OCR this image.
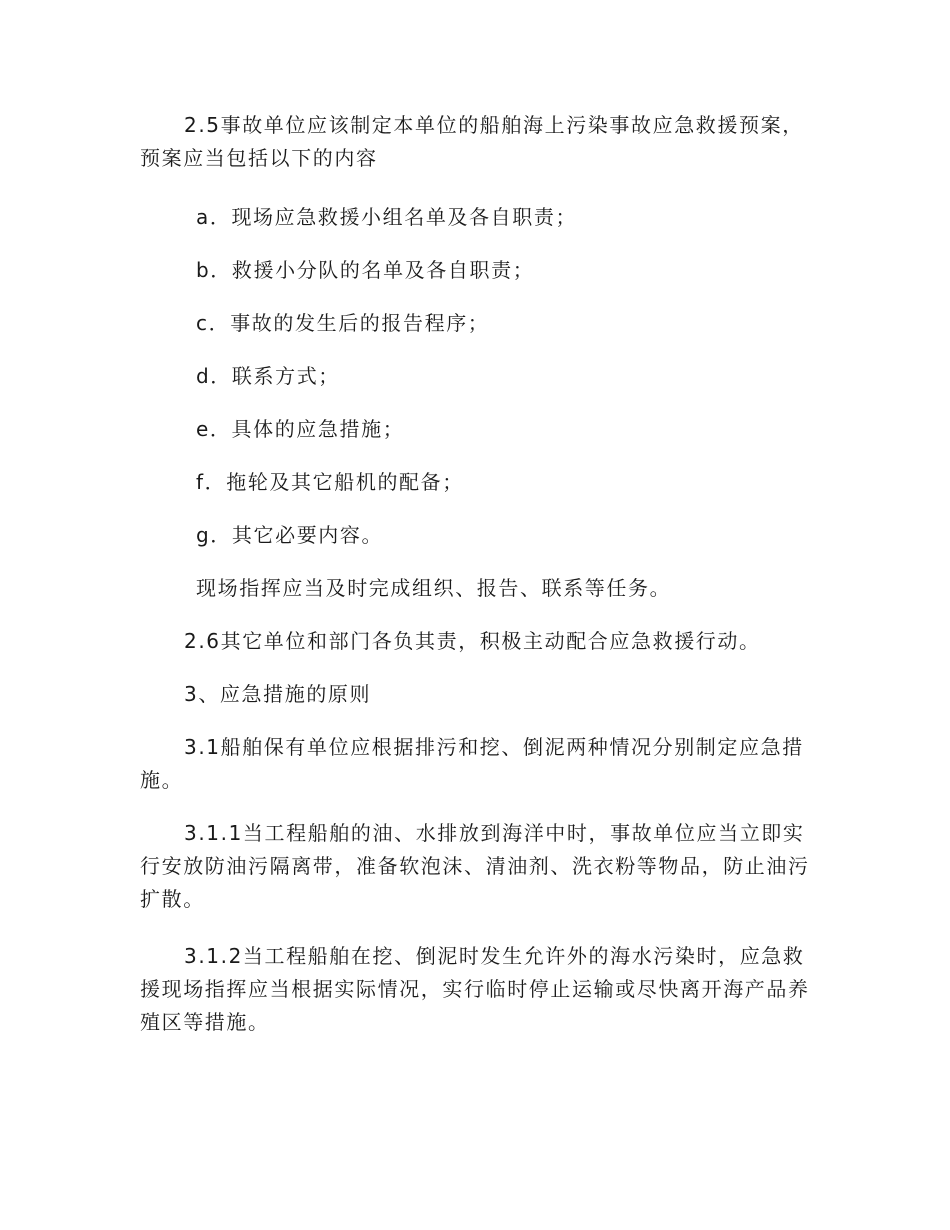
2.5事故单位应该制定本单位的船舶海上污染事故应急救援预案，预案应当包括以下的内容
a．现场应急救援小组名单及各自职责；
b．救援小分队的名单及各自职责；
c．事故的发生后的报告程序；
d．联系方式；
e．具体的应急措施；
f．拖轮及其它船机的配备；
g．其它必要内容。
现场指挥应当及时完成组织、报告、联系等任务。
2.6其它单位和部门各负其责，积极主动配合应急救援行动。
3、应急措施的原则
3.1船舶保有单位应根据排污和挖、倒泥两种情况分别制定应急措施。
3.1.1当工程船舶的油、水排放到海洋中时，事故单位应当立即实行安放防油污隔离带，准备软泡沫、清油剂、洗衣粉等物品，防止油污扩散。
3.1.2当工程船舶在挖、倒泥时发生允许外的海水污染时，应急救援现场指挥应当根据实际情况，实行临时停止运输或尽快离开海产品养殖区等措施。
